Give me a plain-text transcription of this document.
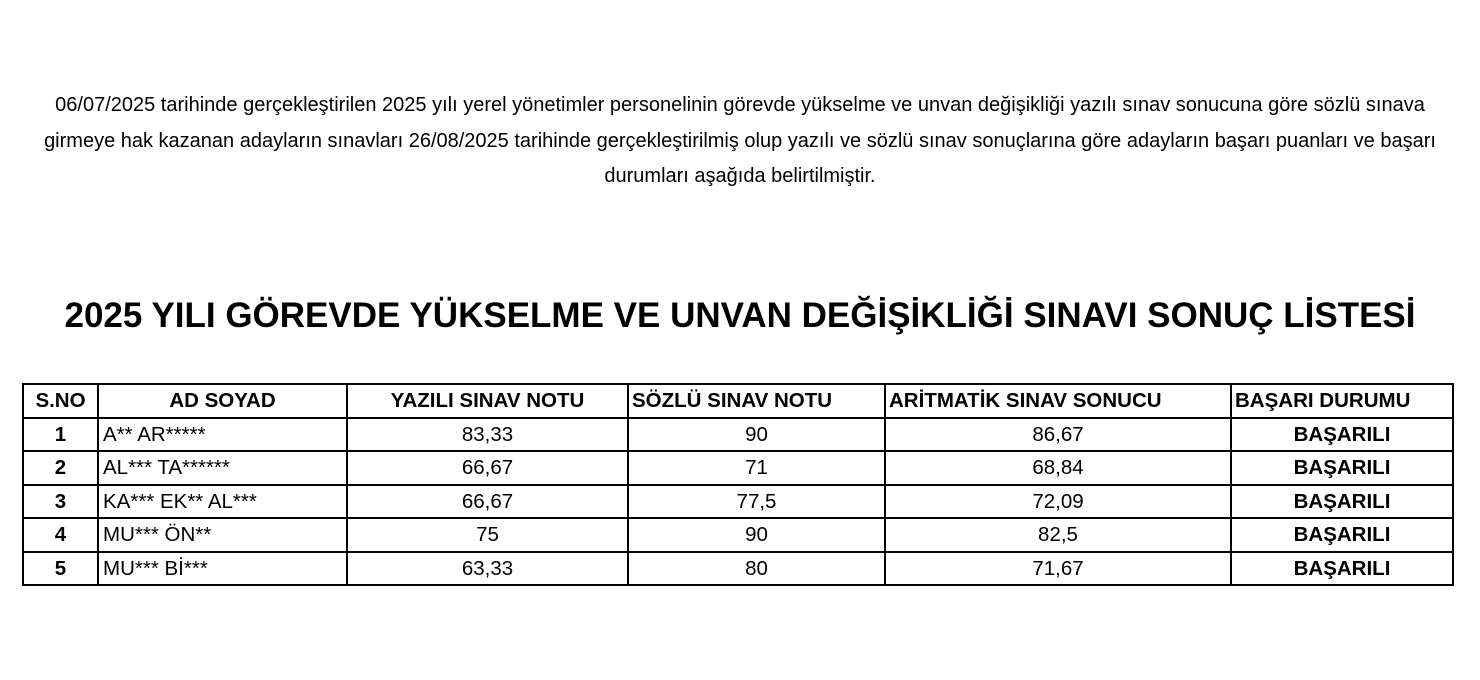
06/07/2025 tarihinde gerçekleştirilen 2025 yılı yerel yönetimler personelinin görevde yükselme ve unvan değişikliği yazılı sınav sonucuna göre sözlü sınava girmeye hak kazanan adayların sınavları 26/08/2025 tarihinde gerçekleştirilmiş olup yazılı ve sözlü sınav sonuçlarına göre adayların başarı puanları ve başarı durumları aşağıda belirtilmiştir.
2025 YILI GÖREVDE YÜKSELME VE UNVAN DEĞİŞİKLİĞİ SINAVI SONUÇ LİSTESİ
S.NO	AD SOYAD	YAZILI SINAV NOTU	SÖZLÜ SINAV NOTU	ARİTMATİK SINAV SONUCU	BAŞARI DURUMU
1	A** AR*****	83,33	90	86,67	BAŞARILI
2	AL*** TA******	66,67	71	68,84	BAŞARILI
3	KA*** EK** AL***	66,67	77,5	72,09	BAŞARILI
4	MU*** ÖN**	75	90	82,5	BAŞARILI
5	MU*** Bİ***	63,33	80	71,67	BAŞARILI
